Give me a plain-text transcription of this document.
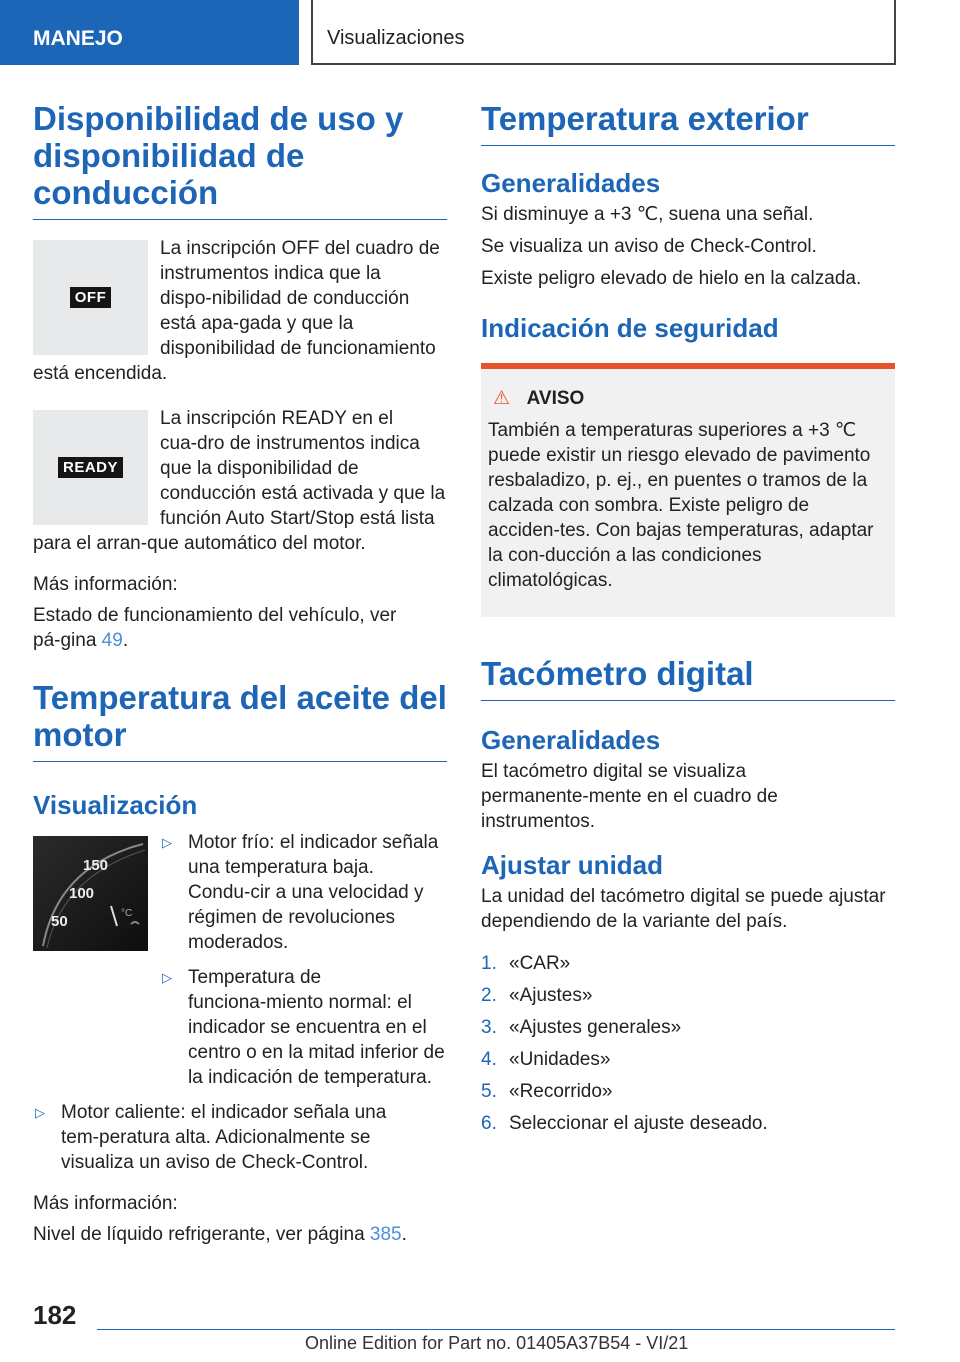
MANEJO	Visualizaciones
Disponibilidad de uso y disponibilidad de conducción
OFF

La inscripción OFF del cuadro de instrumentos indica que la dispo‑nibilidad de conducción está apa‑gada y que la disponibilidad de funcionamiento está encendida.

READY

La inscripción READY en el cua‑dro de instrumentos indica que la disponibilidad de conducción está activada y que la función Auto Start/Stop está lista para el arran‑que automático del motor.

Más información:

Estado de funcionamiento del vehículo, ver pá‑gina 49.

Temperatura del aceite del motor
Visualización
150
100
50	°C
▷ Motor frío: el indicador señala una temperatura baja. Condu‑cir a una velocidad y régimen de revoluciones moderados.
▷ Temperatura de funciona‑miento normal: el indicador se encuentra en el centro o en la mitad inferior de la indicación de temperatura.
▷ Motor caliente: el indicador señala una tem‑peratura alta. Adicionalmente se visualiza un aviso de Check-Control.

Más información:

Nivel de líquido refrigerante, ver página 385.

Temperatura exterior
Generalidades

Si disminuye a +3 ℃, suena una señal.

Se visualiza un aviso de Check-Control.

Existe peligro elevado de hielo en la calzada.

Indicación de seguridad
⚠ AVISO

También a temperaturas superiores a +3 ℃ puede existir un riesgo elevado de pavimento resbaladizo, p. ej., en puentes o tramos de la calzada con sombra. Existe peligro de acciden‑tes. Con bajas temperaturas, adaptar la con‑ducción a las condiciones climatológicas.

Tacómetro digital
Generalidades

El tacómetro digital se visualiza permanente‑mente en el cuadro de instrumentos.

Ajustar unidad

La unidad del tacómetro digital se puede ajustar dependiendo de la variante del país.

1. «CAR»
2. «Ajustes»
3. «Ajustes generales»
4. «Unidades»
5. «Recorrido»
6. Seleccionar el ajuste deseado.
182
Online Edition for Part no. 01405A37B54 - VI/21
